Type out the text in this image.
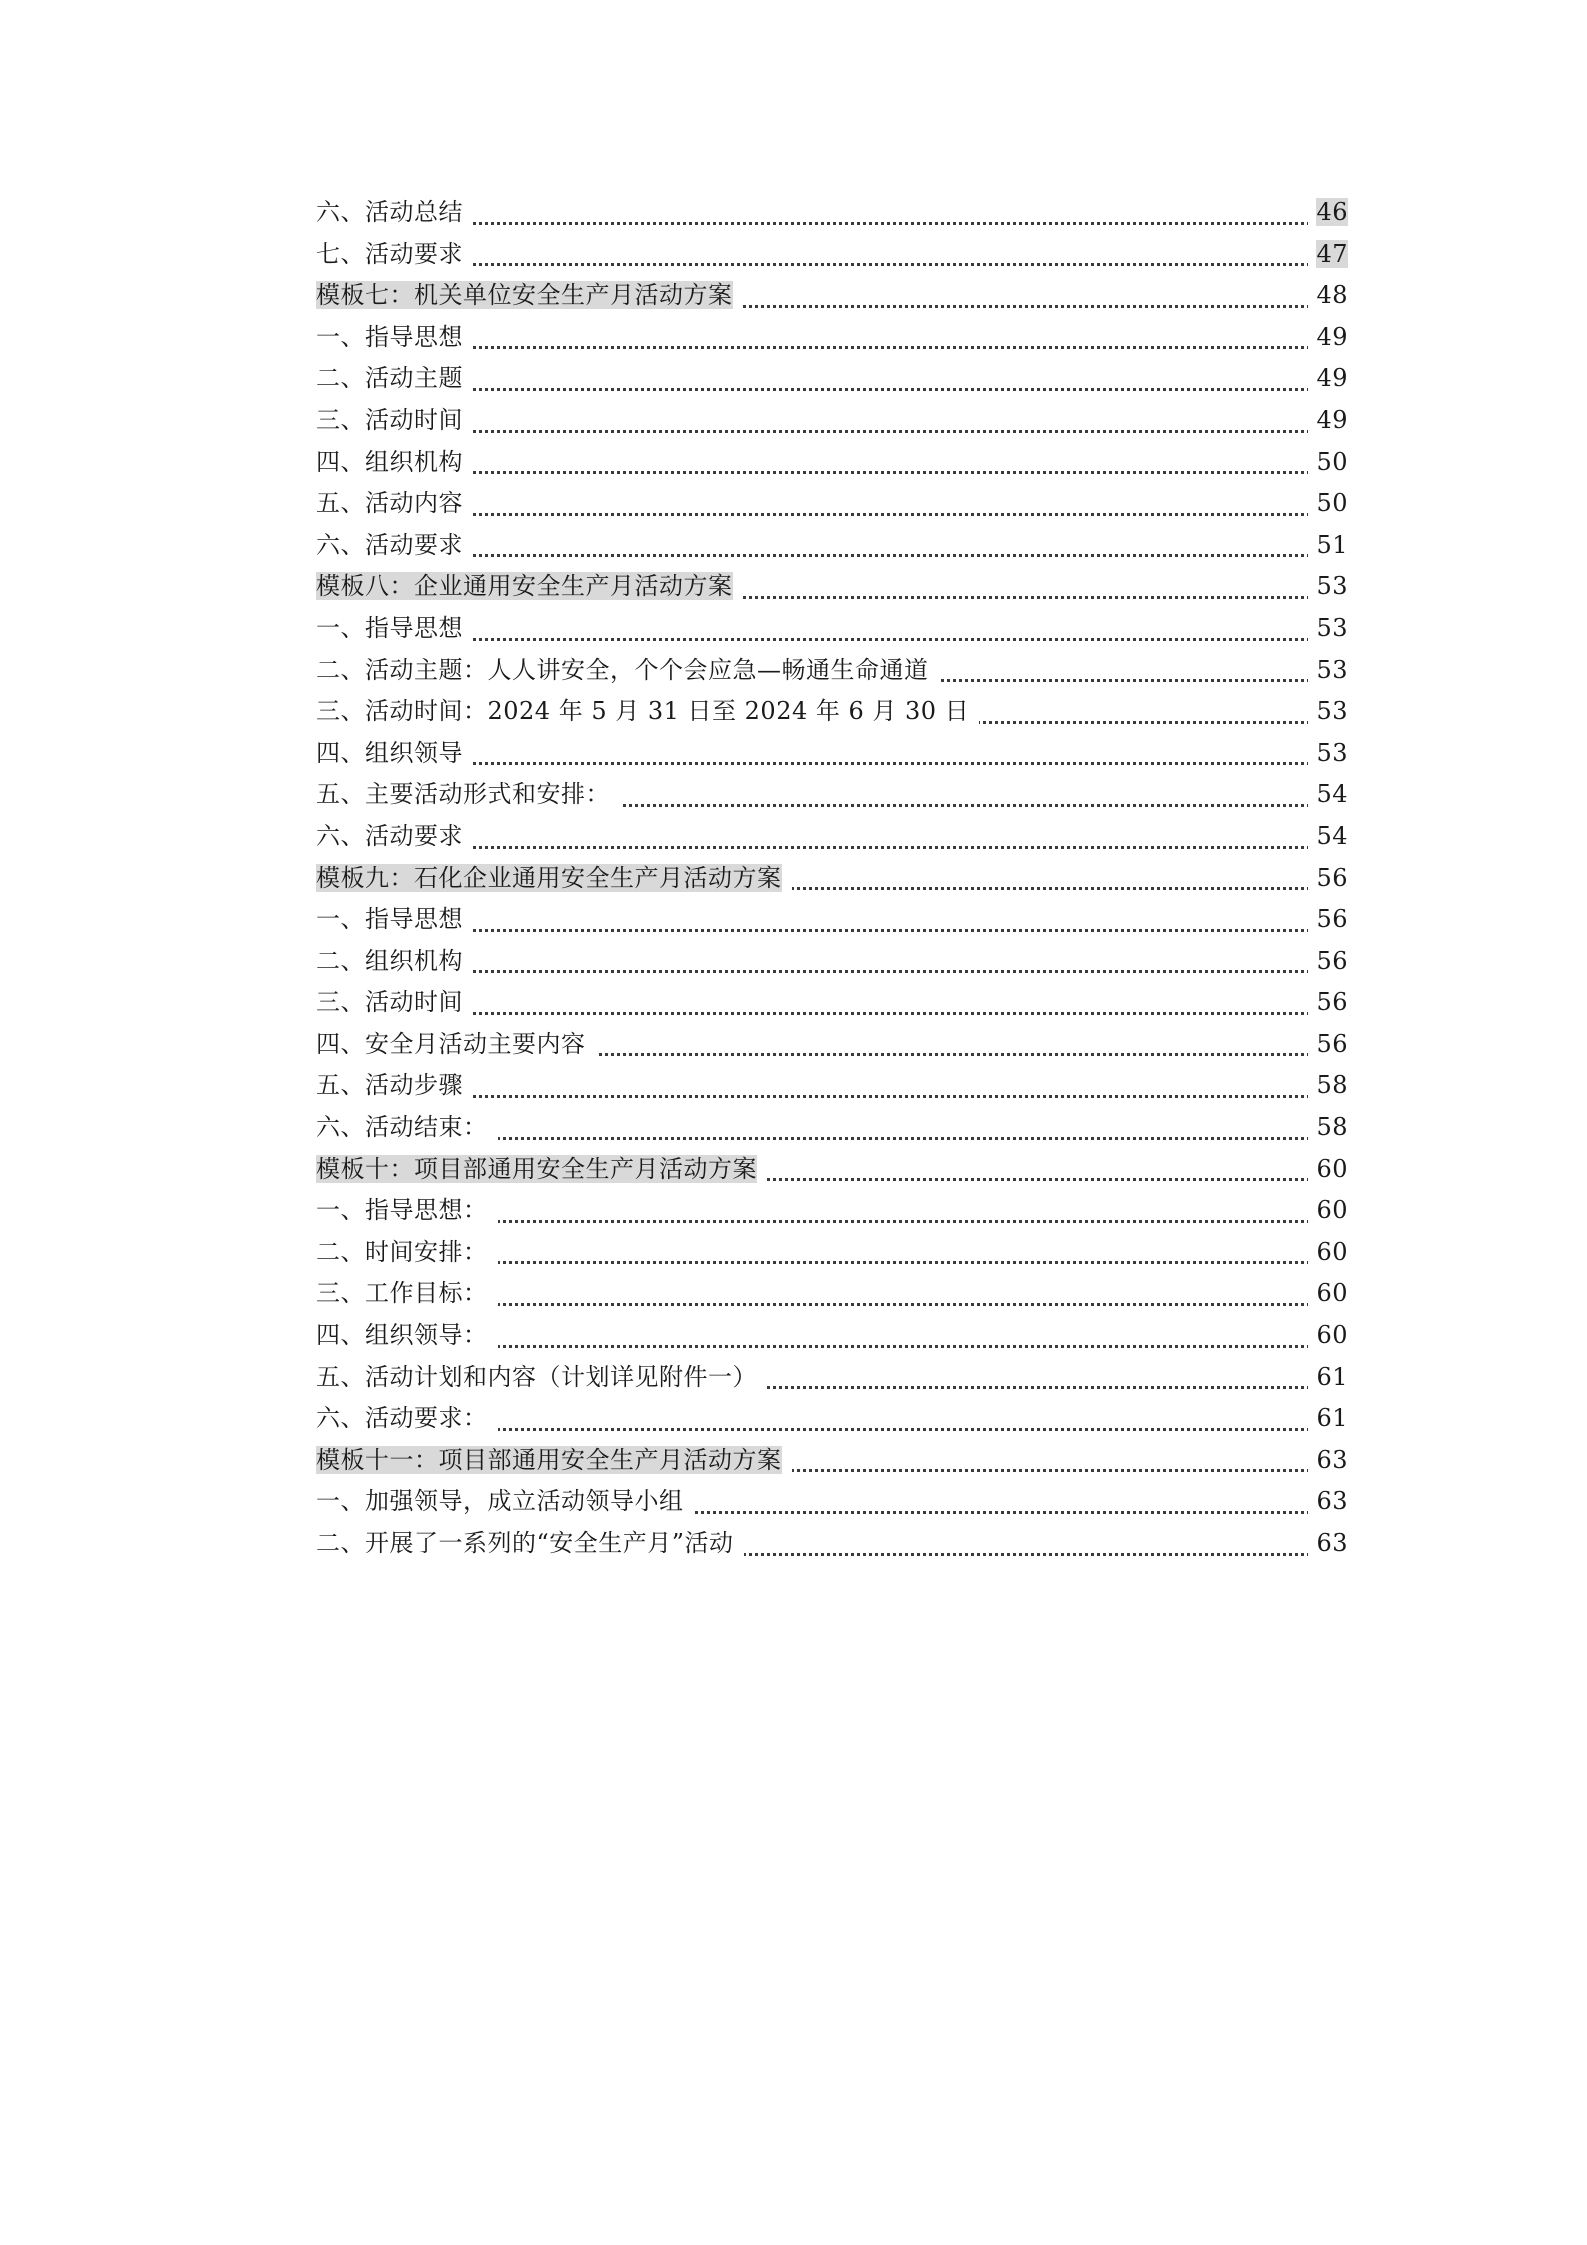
六、活动总结	46
七、活动要求	47
模板七：机关单位安全生产月活动方案	48
一、指导思想	49
二、活动主题	49
三、活动时间	49
四、组织机构	50
五、活动内容	50
六、活动要求	51
模板八：企业通用安全生产月活动方案	53
一、指导思想	53
二、活动主题：人人讲安全，个个会应急—畅通生命通道	53
三、活动时间：2024 年 5 月 31 日至 2024 年 6 月 30 日	53
四、组织领导	53
五、主要活动形式和安排：	54
六、活动要求	54
模板九：石化企业通用安全生产月活动方案	56
一、指导思想	56
二、组织机构	56
三、活动时间	56
四、安全月活动主要内容	56
五、活动步骤	58
六、活动结束：	58
模板十：项目部通用安全生产月活动方案	60
一、指导思想：	60
二、时间安排：	60
三、工作目标：	60
四、组织领导：	60
五、活动计划和内容（计划详见附件一）	61
六、活动要求：	61
模板十一：项目部通用安全生产月活动方案	63
一、加强领导，成立活动领导小组	63
二、开展了一系列的“安全生产月”活动	63
